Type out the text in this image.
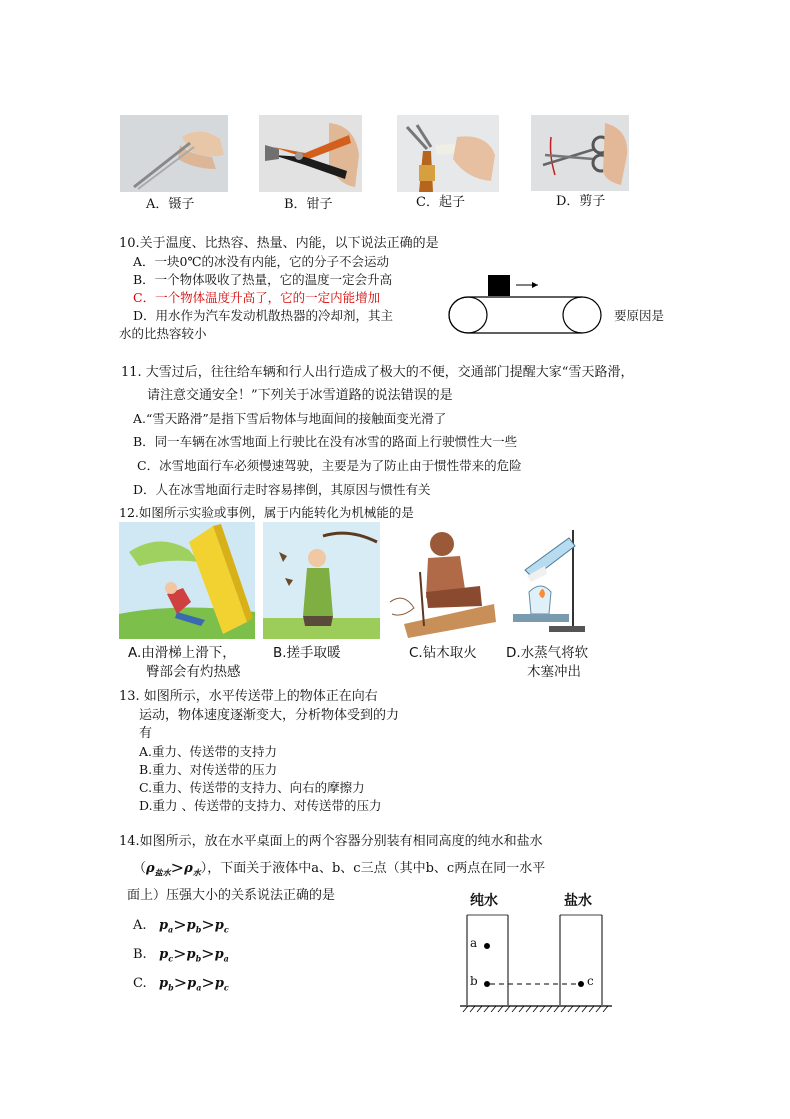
A．镊子	B．钳子	C．起子	D．剪子
10.关于温度、比热容、热量、内能，以下说法正确的是
A．一块0℃的冰没有内能，它的分子不会运动
B．一个物体吸收了热量，它的温度一定会升高
C．一个物体温度升高了，它的一定内能增加
D．用水作为汽车发动机散热器的冷却剂，其主
水的比热容较小
要原因是
11. 大雪过后，往往给车辆和行人出行造成了极大的不便，交通部门提醒大家“雪天路滑，
请注意交通安全！”下列关于冰雪道路的说法错误的是
A.“雪天路滑”是指下雪后物体与地面间的接触面变光滑了
B．同一车辆在冰雪地面上行驶比在没有冰雪的路面上行驶惯性大一些
C．冰雪地面行车必须慢速驾驶，主要是为了防止由于惯性带来的危险
D．人在冰雪地面行走时容易摔倒，其原因与惯性有关
12.如图所示实验或事例，属于内能转化为机械能的是
A.由滑梯上滑下，
臀部会有灼热感
B.搓手取暖	C.钻木取火 D.水蒸气将软
木塞冲出
13. 如图所示，水平传送带上的物体正在向右
运动，物体速度逐渐变大，分析物体受到的力
有
A.重力、传送带的支持力
B.重力、对传送带的压力
C.重力、传送带的支持力、向右的摩擦力
D.重力 、传送带的支持力、对传送带的压力
14.如图所示，放在水平桌面上的两个容器分别装有相同高度的纯水和盐水
$(\rho_{盐水}>\rho_水)$，下面关于液体中a、b、c三点（其中b、c两点在同一水平
面上）压强大小的关系说法正确的是
A. $p_a>p_b>p_c$
B. $p_c>p_b>p_a$
C. $p_b>p_a>p_c$
纯水	盐水
a
b	c
